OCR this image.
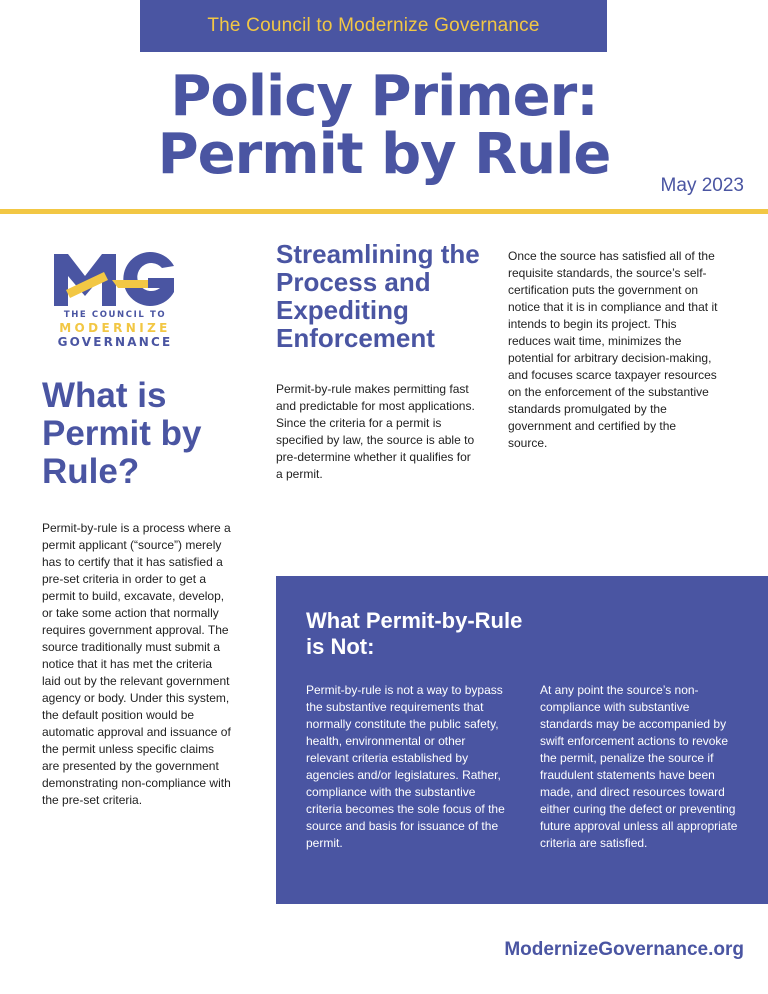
The Council to Modernize Governance
Policy Primer:
Permit by Rule	May 2023
THE COUNCIL TO
MODERNIZE
GOVERNANCE
What is Permit by Rule?
Permit-by-rule is a process where a permit applicant (“source”) merely has to certify that it has satisfied a pre-set criteria in order to get a permit to build, excavate, develop, or take some action that normally requires government approval. The source traditionally must submit a notice that it has met the criteria laid out by the relevant government agency or body. Under this system, the default position would be automatic approval and issuance of the permit unless specific claims are presented by the government demonstrating non-compliance with the pre-set criteria.
Streamlining the Process and Expediting Enforcement
Permit-by-rule makes permitting fast and predictable for most applications. Since the criteria for a permit is specified by law, the source is able to pre-determine whether it qualifies for a permit.
Once the source has satisfied all of the requisite standards, the source’s self-certification puts the government on notice that it is in compliance and that it intends to begin its project. This reduces wait time, minimizes the potential for arbitrary decision-making, and focuses scarce taxpayer resources on the enforcement of the substantive standards promulgated by the government and certified by the source.
What Permit-by-Rule is Not:
Permit-by-rule is not a way to bypass the substantive requirements that normally constitute the public safety, health, environmental or other relevant criteria established by agencies and/or legislatures. Rather, compliance with the substantive criteria becomes the sole focus of the source and basis for issuance of the permit.
At any point the source’s non-compliance with substantive standards may be accompanied by swift enforcement actions to revoke the permit, penalize the source if fraudulent statements have been made, and direct resources toward either curing the defect or preventing future approval unless all appropriate criteria are satisfied.
ModernizeGovernance.org
